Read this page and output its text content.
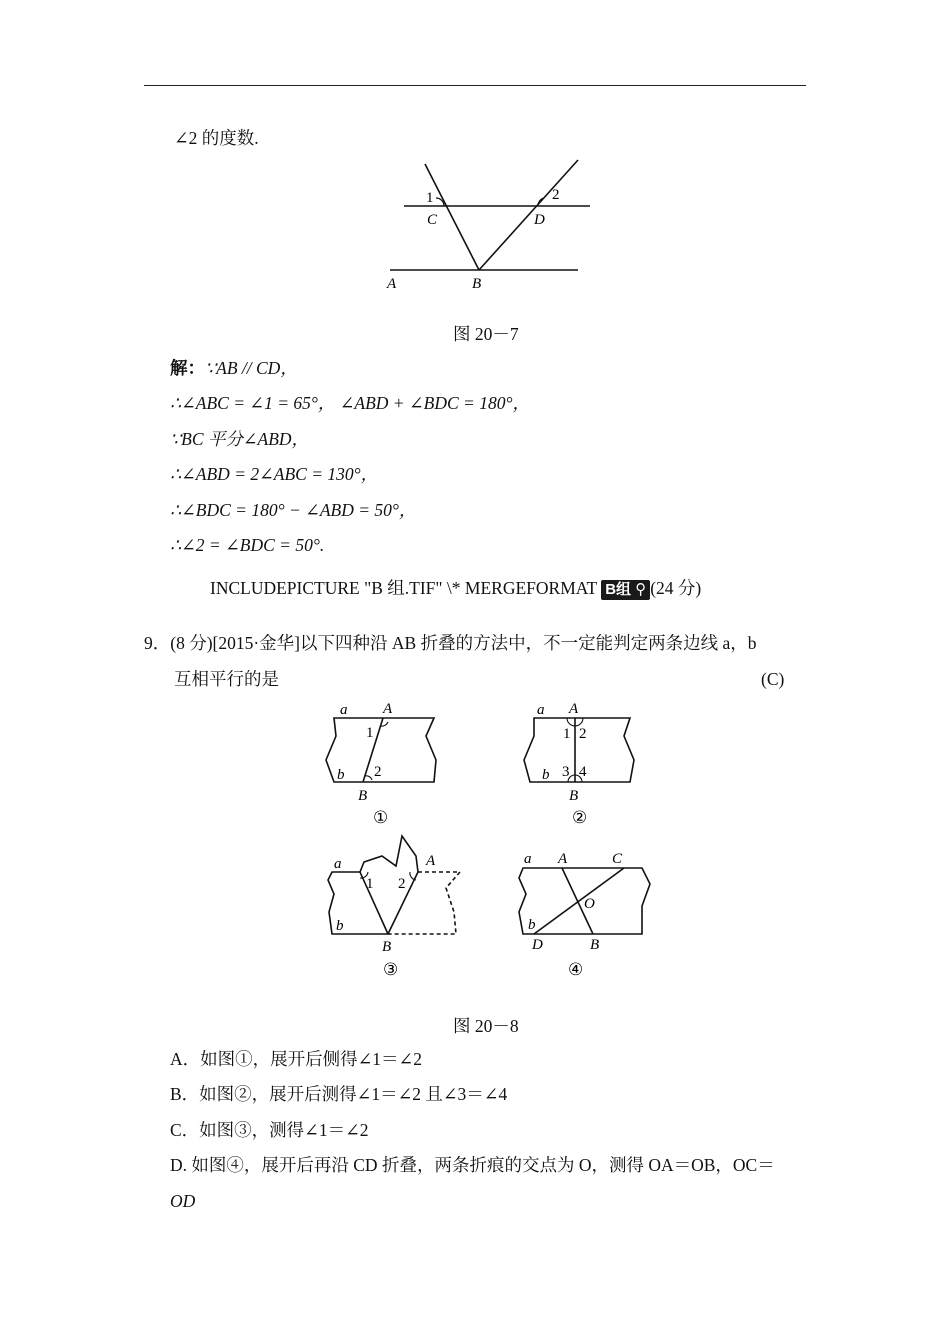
∠2 的度数.
1	2
C	D
A	B
图 20－7
解：∵AB // CD，
∴∠ABC = ∠1 = 65°， ∠ABD + ∠BDC = 180°，
∵BC 平分∠ABD，
∴∠ABD = 2∠ABC = 130°，
∴∠BDC = 180° − ∠ABD = 50°，
∴∠2 = ∠BDC = 50°.
INCLUDEPICTURE "B 组.TIF" \* MERGEFORMAT B组 ⚲ (24 分)
9．(8 分)[2015·金华]以下四种沿 AB 折叠的方法中，不一定能判定两条边线 a，b
互相平行的是	(C)
a A
1
2
b
B
①
a A
1 2
3 4
b
B
②
a	A
1 2
b
B
③
a A	C
O
b
D	B
④
图 20－8
A．如图①，展开后侧得∠1＝∠2
B．如图②，展开后测得∠1＝∠2 且∠3＝∠4
C．如图③，测得∠1＝∠2
D. 如图④，展开后再沿 CD 折叠，两条折痕的交点为 O，测得 OA＝OB，OC＝
OD
